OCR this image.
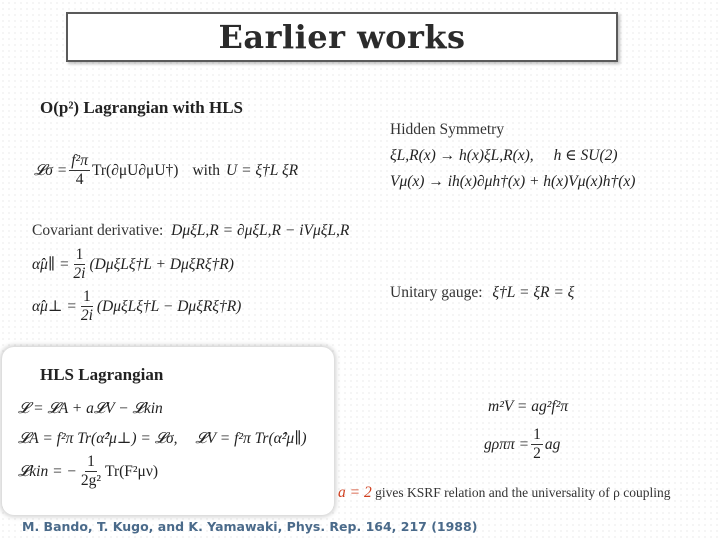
Earlier works
O(p²) Lagrangian with HLS
𝓛σ = $\frac{\text{f²π}}{4}$ Tr(∂μU∂μU†) with U = ξ†L ξR
Hidden Symmetry
ξL,R(x) → h(x)ξL,R(x), h ∈ SU(2)
Vμ(x) → ih(x)∂μh†(x) + h(x)Vμ(x)h†(x)
Covariant derivative: DμξL,R = ∂μξL,R − iVμξL,R
α̂μ∥ = $\frac{1}{2i}$ (DμξLξ†L + DμξRξ†R)
α̂μ⊥ = $\frac{1}{2i}$ (DμξLξ†L − DμξRξ†R)
Unitary gauge: ξ†L = ξR = ξ
HLS Lagrangian
𝓛 = 𝓛A + a𝓛V − 𝓛kin
𝓛A = f²π Tr(α̂²μ⊥) = 𝓛σ, 𝓛V = f²π Tr(α̂²μ∥)
𝓛kin = − $\frac{1}{\text{2g²}} Tr(F^2\mu\nu)$
m²V = ag²f²π
$g\rho\pi\pi = \frac{1}{2}$ ag
a = 2 gives KSRF relation and the universality of ρ coupling
M. Bando, T. Kugo, and K. Yamawaki, Phys. Rep. 164, 217 (1988)
